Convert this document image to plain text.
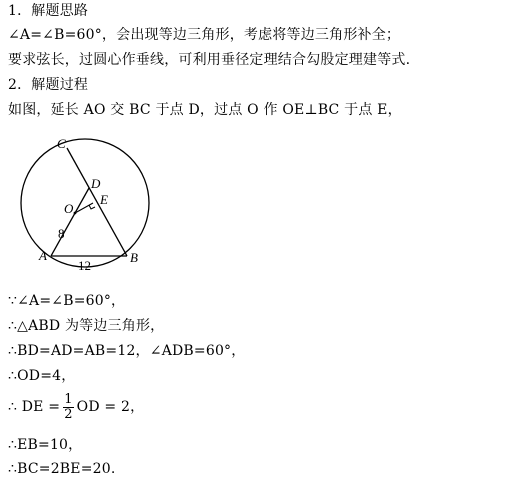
1．解题思路
∠A=∠B=60°，会出现等边三角形，考虑将等边三角形补全；
要求弦长，过圆心作垂线，可利用垂径定理结合勾股定理建等式.
2．解题过程
如图，延长 AO 交 BC 于点 D，过点 O 作 OE⊥BC 于点 E，
C
D
E
O
A	B
8
12
∵∠A=∠B=60°，
∴△ABD 为等边三角形，
∴BD=AD=AB=12，∠ADB=60°，
∴OD=4，
∴ DE = $\frac{1}{2}$ OD = 2，
∴EB=10，
∴BC=2BE=20.
